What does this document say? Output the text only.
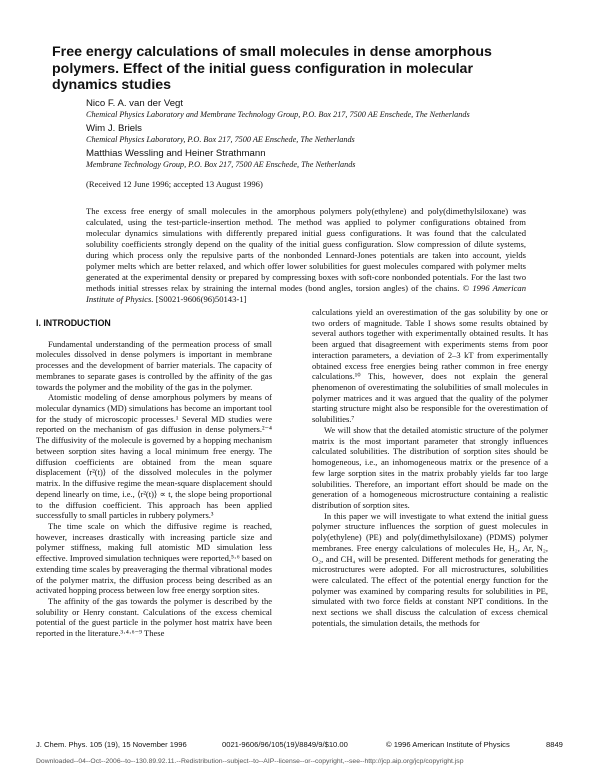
Free energy calculations of small molecules in dense amorphous polymers. Effect of the initial guess configuration in molecular dynamics studies
Nico F. A. van der Vegt
Chemical Physics Laboratory and Membrane Technology Group, P.O. Box 217, 7500 AE Enschede, The Netherlands
Wim J. Briels
Chemical Physics Laboratory, P.O. Box 217, 7500 AE Enschede, The Netherlands
Matthias Wessling and Heiner Strathmann
Membrane Technology Group, P.O. Box 217, 7500 AE Enschede, The Netherlands
(Received 12 June 1996; accepted 13 August 1996)
The excess free energy of small molecules in the amorphous polymers poly(ethylene) and poly(dimethylsiloxane) was calculated, using the test-particle-insertion method. The method was applied to polymer configurations obtained from molecular dynamics simulations with differently prepared initial guess configurations. It was found that the calculated solubility coefficients strongly depend on the quality of the initial guess configuration. Slow compression of dilute systems, during which process only the repulsive parts of the nonbonded Lennard-Jones potentials are taken into account, yields polymer melts which are better relaxed, and which offer lower solubilities for guest molecules compared with polymer melts generated at the experimental density or prepared by compressing boxes with soft-core nonbonded potentials. For the last two methods initial stresses relax by straining the internal modes (bond angles, torsion angles) of the chains. © 1996 American Institute of Physics. [S0021-9606(96)50143-1]
I. INTRODUCTION

Fundamental understanding of the permeation process of small molecules dissolved in dense polymers is important in membrane processes and the development of barrier materials. The capacity of membranes to separate gases is controlled by the affinity of the gas towards the polymer and the mobility of the gas in the polymer.

Atomistic modeling of dense amorphous polymers by means of molecular dynamics (MD) simulations has become an important tool for the study of microscopic processes.¹ Several MD studies were reported on the mechanism of gas diffusion in dense polymers.²⁻⁴ The diffusivity of the molecule is governed by a hopping mechanism between sorption sites having a local minimum free energy. The diffusion coefficients are obtained from the mean square displacement ⟨r²(t)⟩ of the dissolved molecules in the polymer matrix. In the diffusive regime the mean-square displacement should depend linearly on time, i.e., ⟨r²(t)⟩ ∝ t, the slope being proportional to the diffusion coefficient. This approach has been applied successfully to small particles in rubbery polymers.³

The time scale on which the diffusive regime is reached, however, increases drastically with increasing particle size and polymer stiffness, making full atomistic MD simulation less effective. Improved simulation techniques were reported,⁵·⁶ based on extending time scales by preaveraging the thermal vibrational modes of the polymer matrix, the diffusion process being described as an activated hopping process between low free energy sorption sites.

The affinity of the gas towards the polymer is described by the solubility or Henry constant. Calculations of the excess chemical potential of the guest particle in the polymer host matrix have been reported in the literature.³·⁴·⁶⁻⁹ These

calculations yield an overestimation of the gas solubility by one or two orders of magnitude. Table I shows some results obtained by several authors together with experimentally obtained results. It has been argued that disagreement with experiments stems from poor interaction parameters, a deviation of 2–3 kT from experimentally obtained excess free energies being rather common in free energy calculations.¹⁰ This, however, does not explain the general phenomenon of overestimating the solubilities of small molecules in polymer matrices and it was argued that the quality of the polymer starting structure might also be responsible for the overestimation of solubilities.⁷

We will show that the detailed atomistic structure of the polymer matrix is the most important parameter that strongly influences calculated solubilities. The distribution of sorption sites should be homogeneous, i.e., an inhomogeneous matrix or the presence of a few large sorption sites in the matrix probably yields far too large solubilities. Therefore, an important effort should be made on the generation of a homogeneous microstructure containing a realistic distribution of sorption sites.

In this paper we will investigate to what extend the initial guess polymer structure influences the sorption of guest molecules in poly(ethylene) (PE) and poly(dimethylsiloxane) (PDMS) polymer membranes. Free energy calculations of molecules He, H₂, Ar, N₂, O₂, and CH₄ will be presented. Different methods for generating the microstructures were adopted. For all microstructures, solubilities were calculated. The effect of the potential energy function for the polymer was examined by comparing results for solubilities in PE, simulated with two force fields at constant NPT conditions. In the next sections we shall discuss the calculation of excess chemical potentials, the simulation details, the methods for

J. Chem. Phys. 105 (19), 15 November 1996	0021-9606/96/105(19)/8849/9/$10.00	© 1996 American Institute of Physics	8849
Downloaded--04--Oct--2006--to--130.89.92.11.--Redistribution--subject--to--AIP--license--or--copyright,--see--http://jcp.aip.org/jcp/copyright.jsp
